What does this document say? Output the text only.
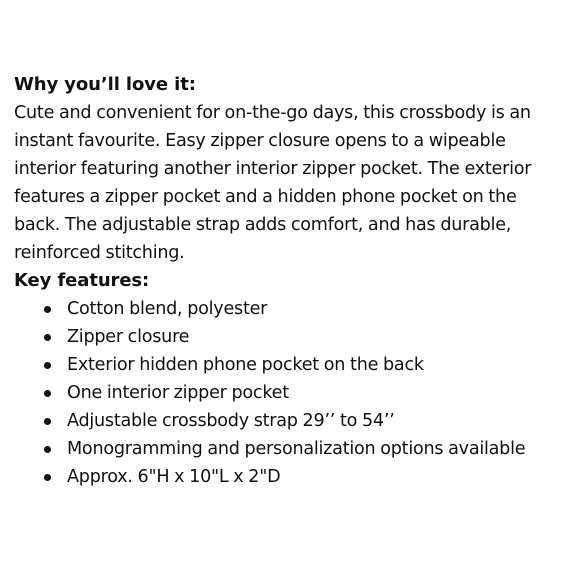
Why you’ll love it:

Cute and convenient for on-the-go days, this crossbody is an instant favourite. Easy zipper closure opens to a wipeable interior featuring another interior zipper pocket. The exterior features a zipper pocket and a hidden phone pocket on the back. The adjustable strap adds comfort, and has durable, reinforced stitching.

Key features:
Cotton blend, polyester
Zipper closure
Exterior hidden phone pocket on the back
One interior zipper pocket
Adjustable crossbody strap 29’’ to 54’’
Monogramming and personalization options available
Approx. 6"H x 10"L x 2"D
